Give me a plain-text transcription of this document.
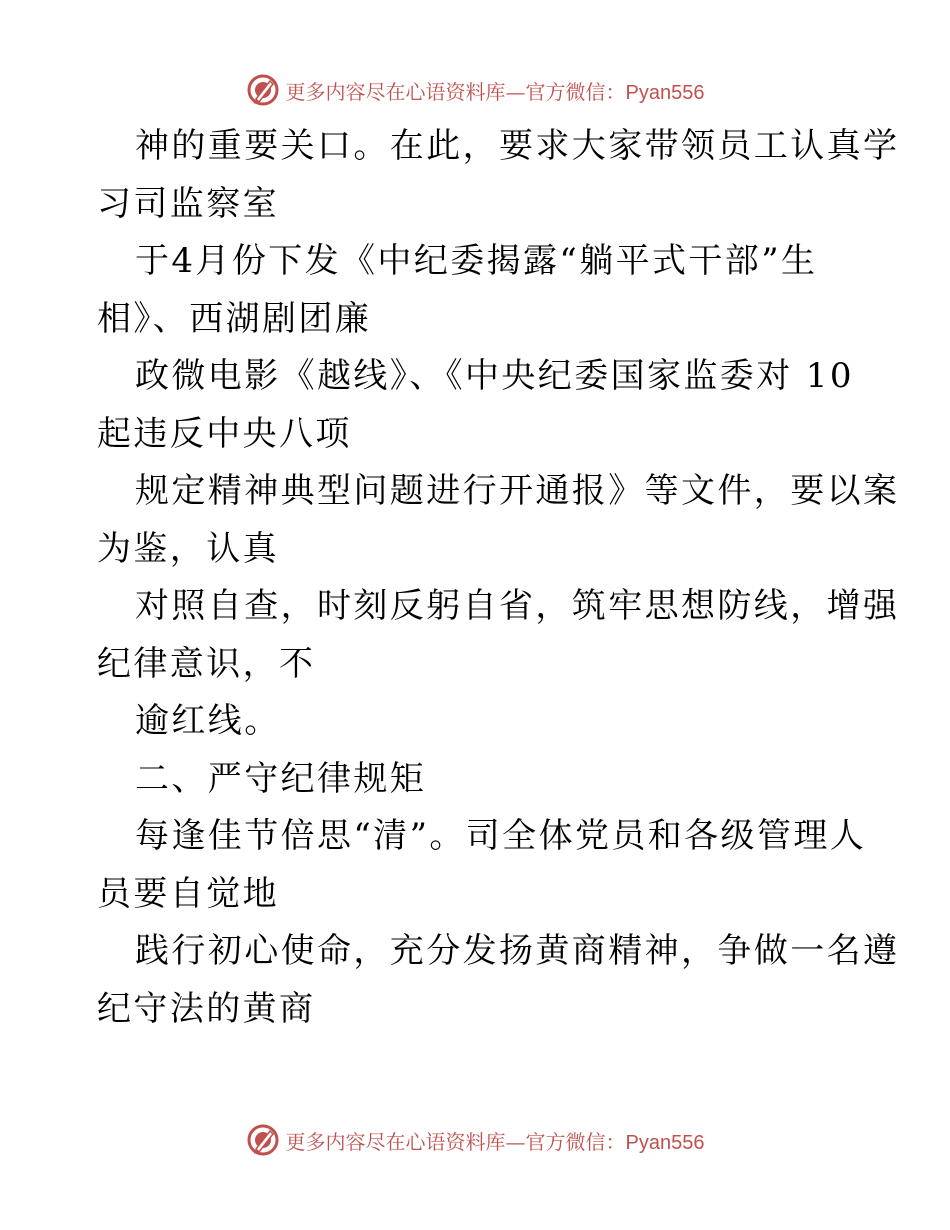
更多内容尽在心语资料库—官方微信：Pyan556
神的重要关口。在此，要求大家带领员工认真学
习司监察室
于4月份下发《中纪委揭露“躺平式干部”生
相》、西湖剧团廉
政微电影《越线》、《中央纪委国家监委对 10
起违反中央八项
规定精神典型问题进行开通报》等文件，要以案
为鉴，认真
对照自查，时刻反躬自省，筑牢思想防线，增强
纪律意识，不
逾红线。
二、严守纪律规矩
每逢佳节倍思“清”。司全体党员和各级管理人
员要自觉地
践行初心使命，充分发扬黄商精神，争做一名遵
纪守法的黄商
更多内容尽在心语资料库—官方微信：Pyan556
